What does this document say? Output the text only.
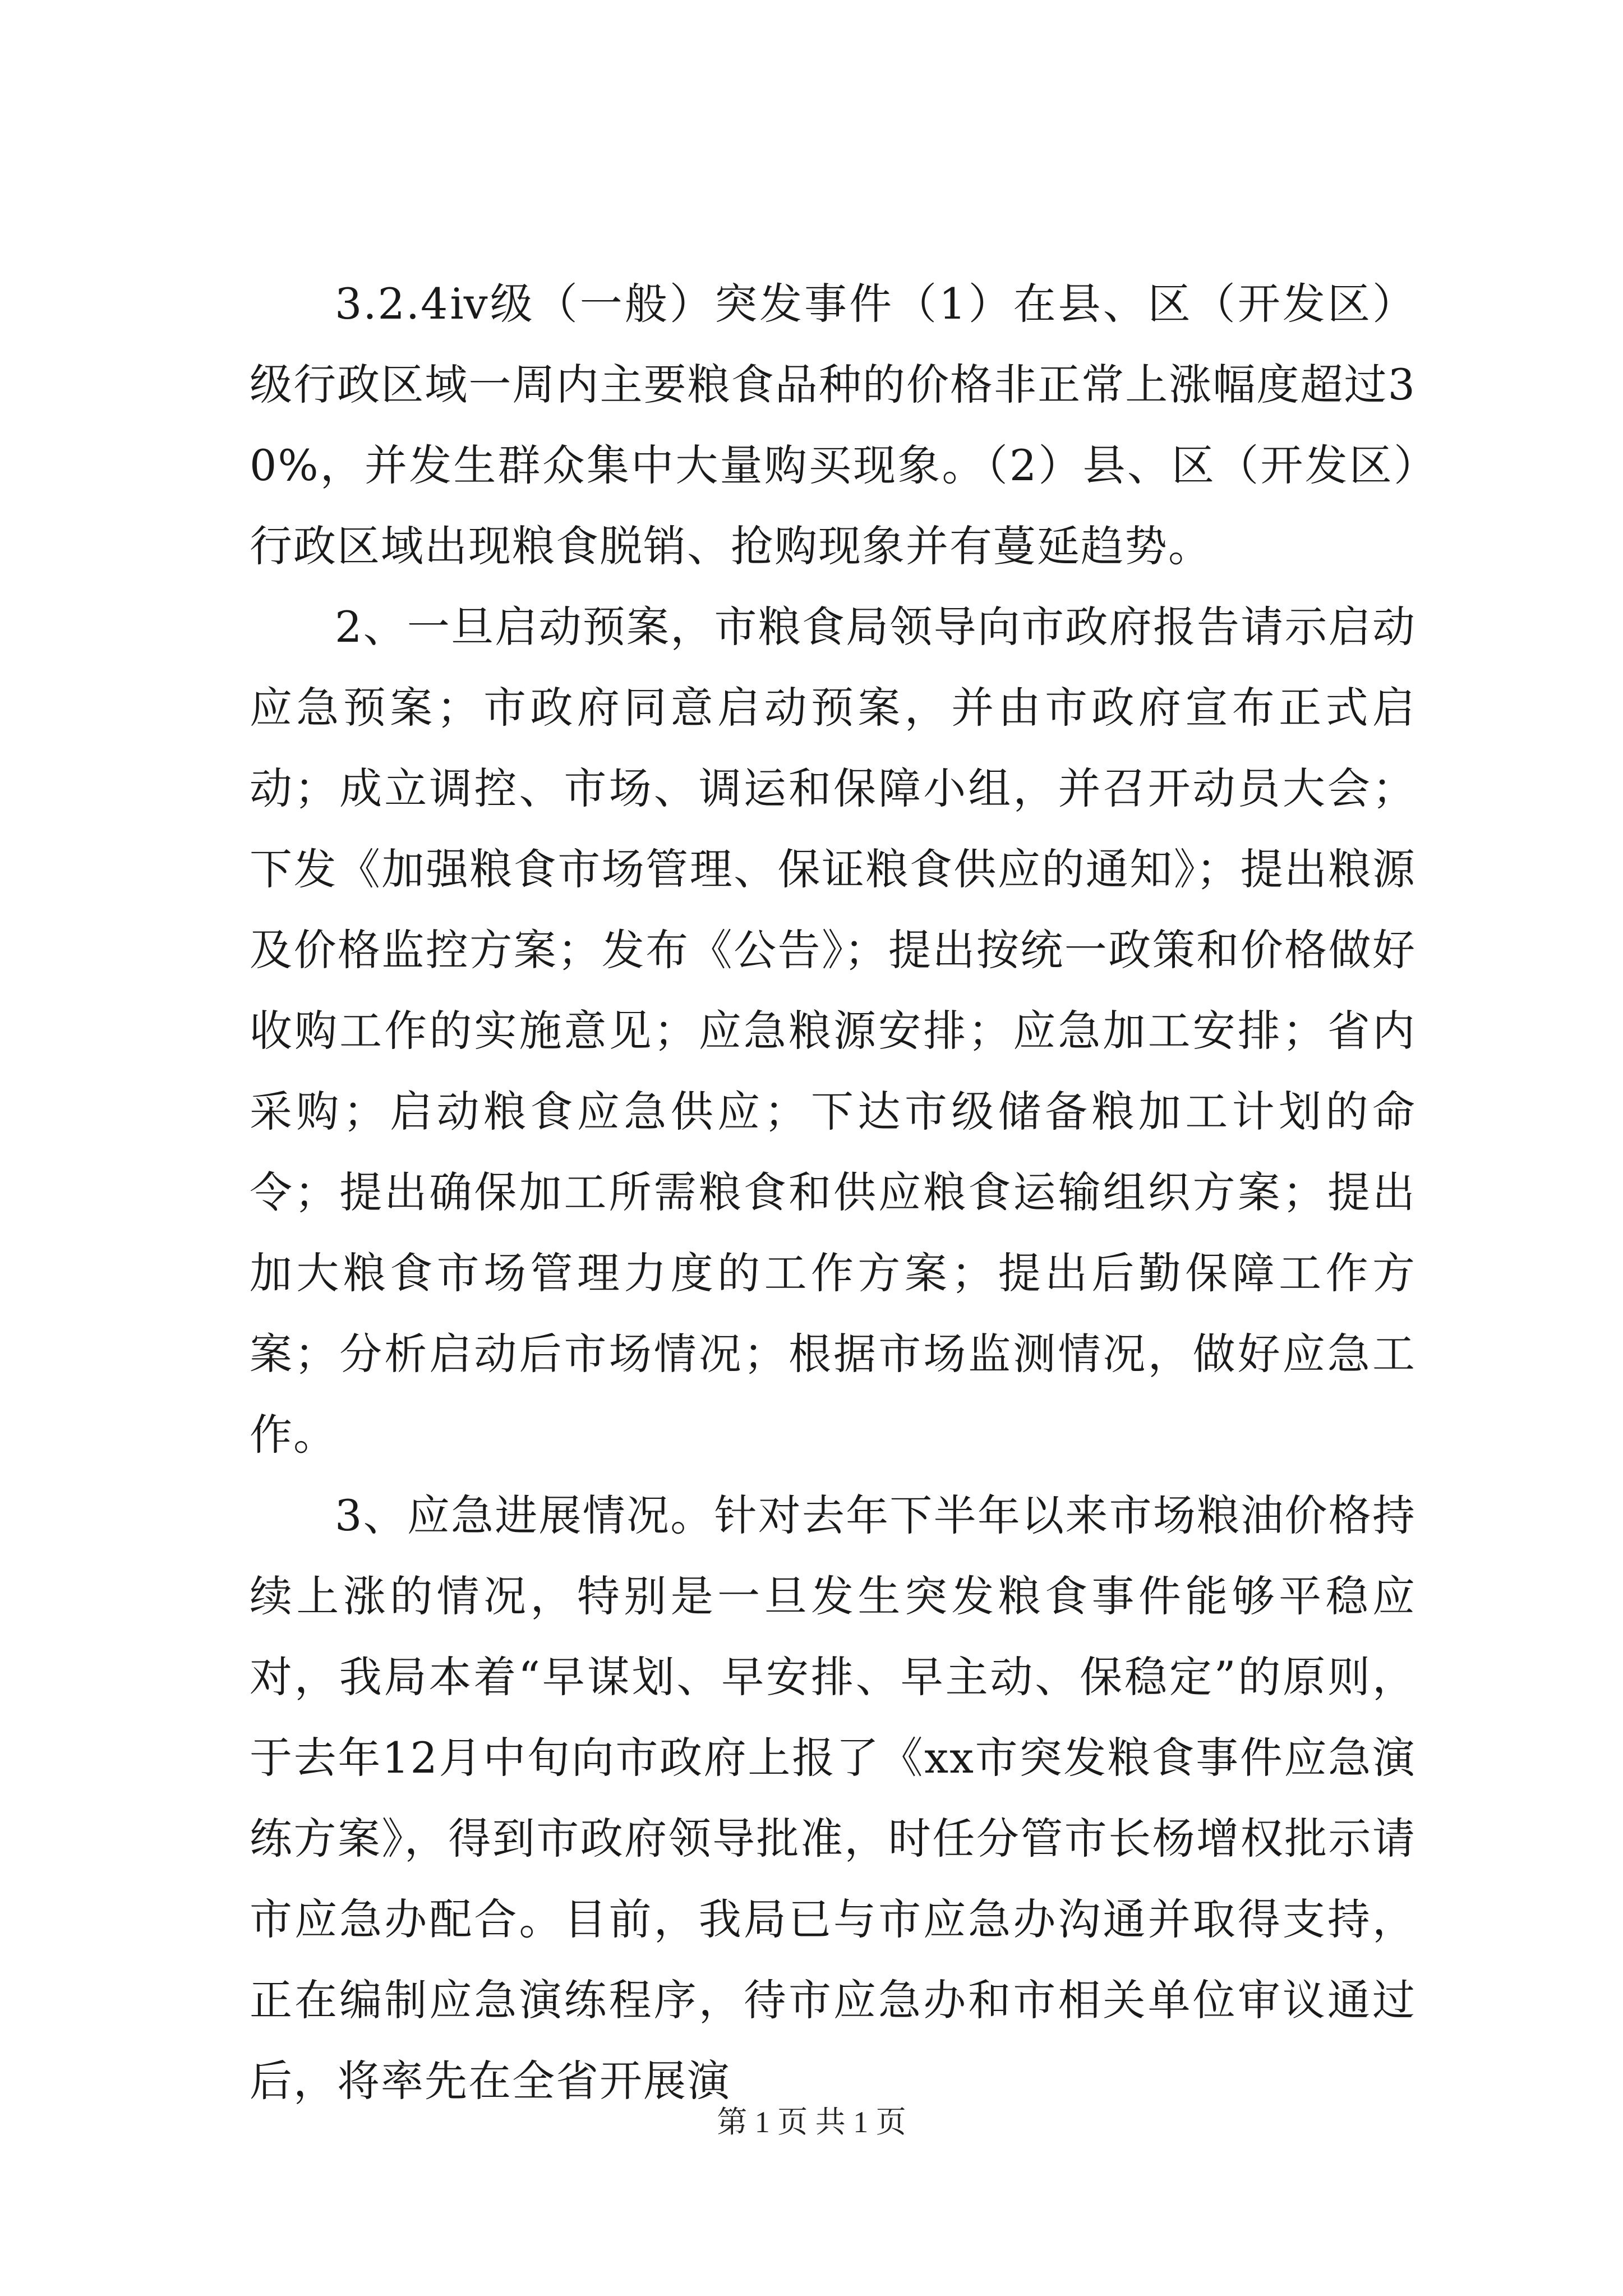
3.2.4ⅳ级（一般）突发事件（1）在县、区（开发区）级行政区域一周内主要粮食品种的价格非正常上涨幅度超过30%，并发生群众集中大量购买现象。（2）县、区（开发区）行政区域出现粮食脱销、抢购现象并有蔓延趋势。

2、一旦启动预案，市粮食局领导向市政府报告请示启动应急预案；市政府同意启动预案，并由市政府宣布正式启动；成立调控、市场、调运和保障小组，并召开动员大会；下发《加强粮食市场管理、保证粮食供应的通知》；提出粮源及价格监控方案；发布《公告》；提出按统一政策和价格做好收购工作的实施意见；应急粮源安排；应急加工安排；省内采购；启动粮食应急供应；下达市级储备粮加工计划的命令；提出确保加工所需粮食和供应粮食运输组织方案；提出加大粮食市场管理力度的工作方案；提出后勤保障工作方案；分析启动后市场情况；根据市场监测情况，做好应急工作。

3、应急进展情况。针对去年下半年以来市场粮油价格持续上涨的情况，特别是一旦发生突发粮食事件能够平稳应对，我局本着“早谋划、早安排、早主动、保稳定”的原则，于去年12月中旬向市政府上报了《xx市突发粮食事件应急演练方案》，得到市政府领导批准，时任分管市长杨增权批示请市应急办配合。目前，我局已与市应急办沟通并取得支持，正在编制应急演练程序，待市应急办和市相关单位审议通过后，将率先在全省开展演

第 1 页 共 1 页
